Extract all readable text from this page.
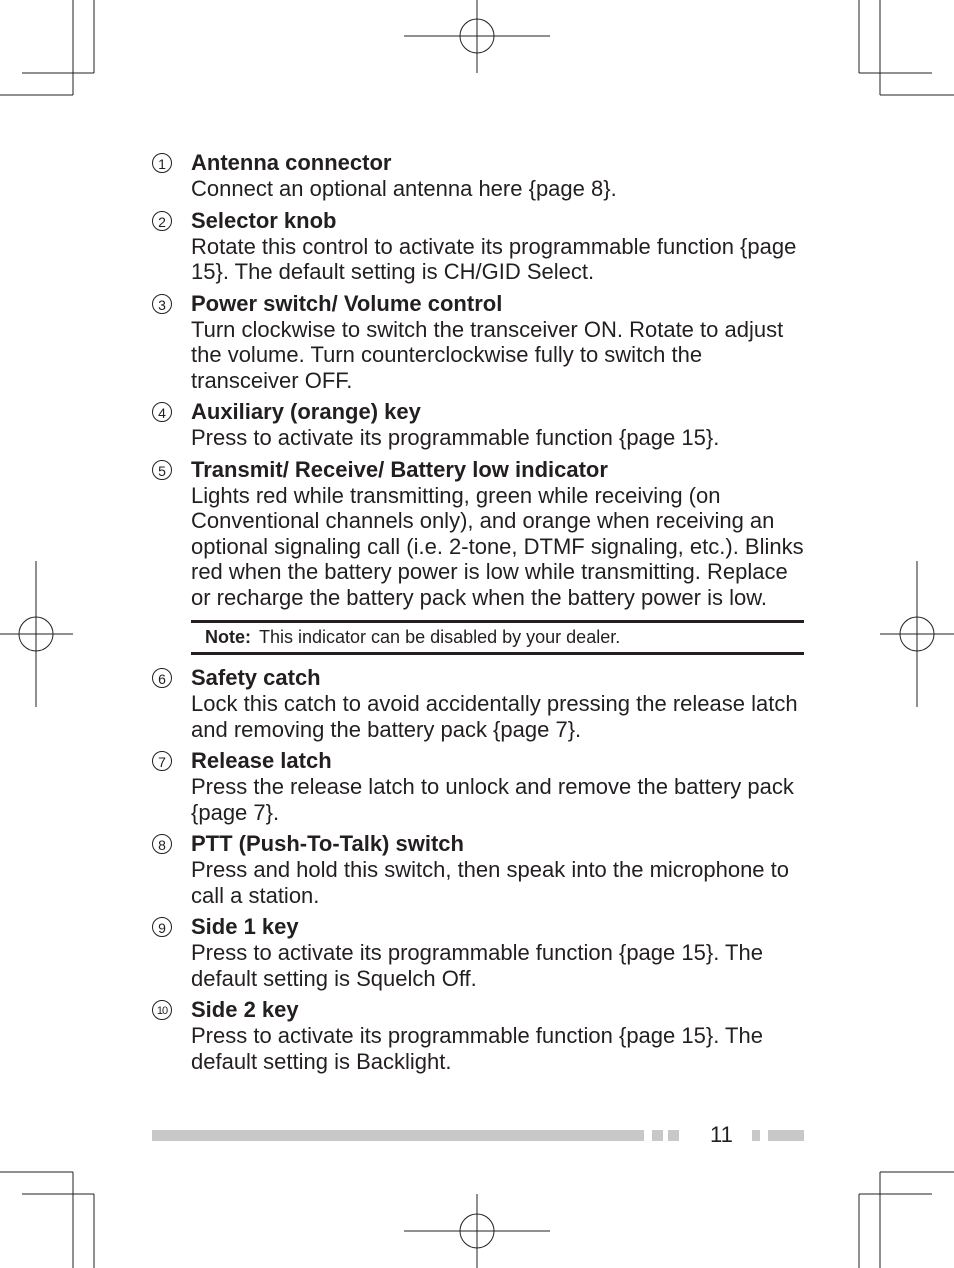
1 Antenna connector
Connect an optional antenna here {page 8}.
2 Selector knob
Rotate this control to activate its programmable function {page 15}. The default setting is CH/GID Select.
3 Power switch/ Volume control
Turn clockwise to switch the transceiver ON. Rotate to adjust the volume. Turn counterclockwise fully to switch the transceiver OFF.
4 Auxiliary (orange) key
Press to activate its programmable function {page 15}.
5 Transmit/ Receive/ Battery low indicator
Lights red while transmitting, green while receiving (on Conventional channels only), and orange when receiving an optional signaling call (i.e. 2-tone, DTMF signaling, etc.). Blinks red when the battery power is low while transmitting. Replace or recharge the battery pack when the battery power is low.
Note: This indicator can be disabled by your dealer.
6 Safety catch
Lock this catch to avoid accidentally pressing the release latch and removing the battery pack {page 7}.
7 Release latch
Press the release latch to unlock and remove the battery pack {page 7}.
8 PTT (Push-To-Talk) switch
Press and hold this switch, then speak into the microphone to call a station.
9 Side 1 key
Press to activate its programmable function {page 15}. The default setting is Squelch Off.
10 Side 2 key
Press to activate its programmable function {page 15}. The default setting is Backlight.
11
